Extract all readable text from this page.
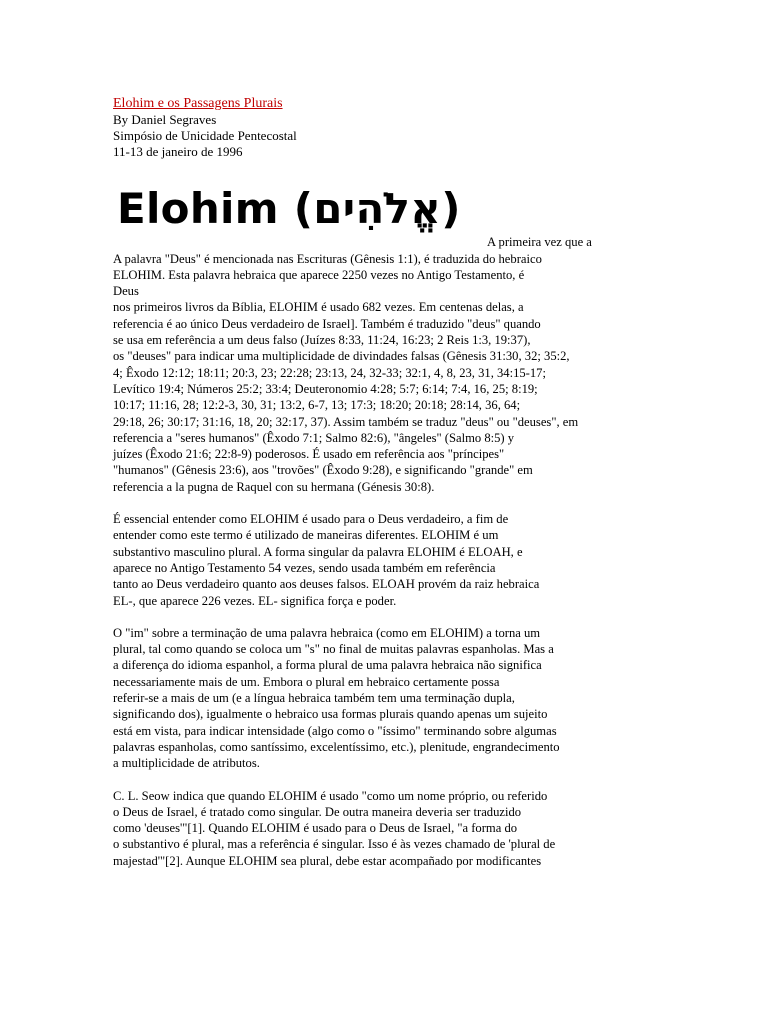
Elohim e os Passagens Plurais
By Daniel Segraves
Simpósio de Unicidade Pentecostal
11-13 de janeiro de 1996
Elohim (אֱלֹהִים)
A primeira vez que a
A palavra "Deus" é mencionada nas Escrituras (Gênesis 1:1), é traduzida do hebraico
ELOHIM. Esta palavra hebraica que aparece 2250 vezes no Antigo Testamento, é
Deus
nos primeiros livros da Bíblia, ELOHIM é usado 682 vezes. Em centenas delas, a
referencia é ao único Deus verdadeiro de Israel]. Também é traduzido "deus" quando
se usa em referência a um deus falso (Juízes 8:33, 11:24, 16:23; 2 Reis 1:3, 19:37),
os "deuses" para indicar uma multiplicidade de divindades falsas (Gênesis 31:30, 32; 35:2,
4; Êxodo 12:12; 18:11; 20:3, 23; 22:28; 23:13, 24, 32-33; 32:1, 4, 8, 23, 31, 34:15-17;
Levítico 19:4; Números 25:2; 33:4; Deuteronomio 4:28; 5:7; 6:14; 7:4, 16, 25; 8:19;
10:17; 11:16, 28; 12:2-3, 30, 31; 13:2, 6-7, 13; 17:3; 18:20; 20:18; 28:14, 36, 64;
29:18, 26; 30:17; 31:16, 18, 20; 32:17, 37). Assim também se traduz "deus" ou "deuses", em
referencia a "seres humanos" (Êxodo 7:1; Salmo 82:6), "ângeles" (Salmo 8:5) y
juízes (Êxodo 21:6; 22:8-9) poderosos. É usado em referência aos "príncipes"
"humanos" (Gênesis 23:6), aos "trovões" (Êxodo 9:28), e significando "grande" em
referencia a la pugna de Raquel con su hermana (Génesis 30:8).
É essencial entender como ELOHIM é usado para o Deus verdadeiro, a fim de
entender como este termo é utilizado de maneiras diferentes. ELOHIM é um
substantivo masculino plural. A forma singular da palavra ELOHIM é ELOAH, e
aparece no Antigo Testamento 54 vezes, sendo usada também em referência
tanto ao Deus verdadeiro quanto aos deuses falsos. ELOAH provém da raiz hebraica
EL-, que aparece 226 vezes. EL- significa força e poder.
O "im" sobre a terminação de uma palavra hebraica (como em ELOHIM) a torna um
plural, tal como quando se coloca um "s" no final de muitas palavras espanholas. Mas a
a diferença do idioma espanhol, a forma plural de uma palavra hebraica não significa
necessariamente mais de um. Embora o plural em hebraico certamente possa
referir-se a mais de um (e a língua hebraica também tem uma terminação dupla,
significando dos), igualmente o hebraico usa formas plurais quando apenas um sujeito
está em vista, para indicar intensidade (algo como o "íssimo" terminando sobre algumas
palavras espanholas, como santíssimo, excelentíssimo, etc.), plenitude, engrandecimento
a multiplicidade de atributos.
C. L. Seow indica que quando ELOHIM é usado "como um nome próprio, ou referido
o Deus de Israel, é tratado como singular. De outra maneira deveria ser traduzido
como 'deuses'"[1]. Quando ELOHIM é usado para o Deus de Israel, "a forma do
o substantivo é plural, mas a referência é singular. Isso é às vezes chamado de 'plural de
majestad'"[2]. Aunque ELOHIM sea plural, debe estar acompañado por modificantes
